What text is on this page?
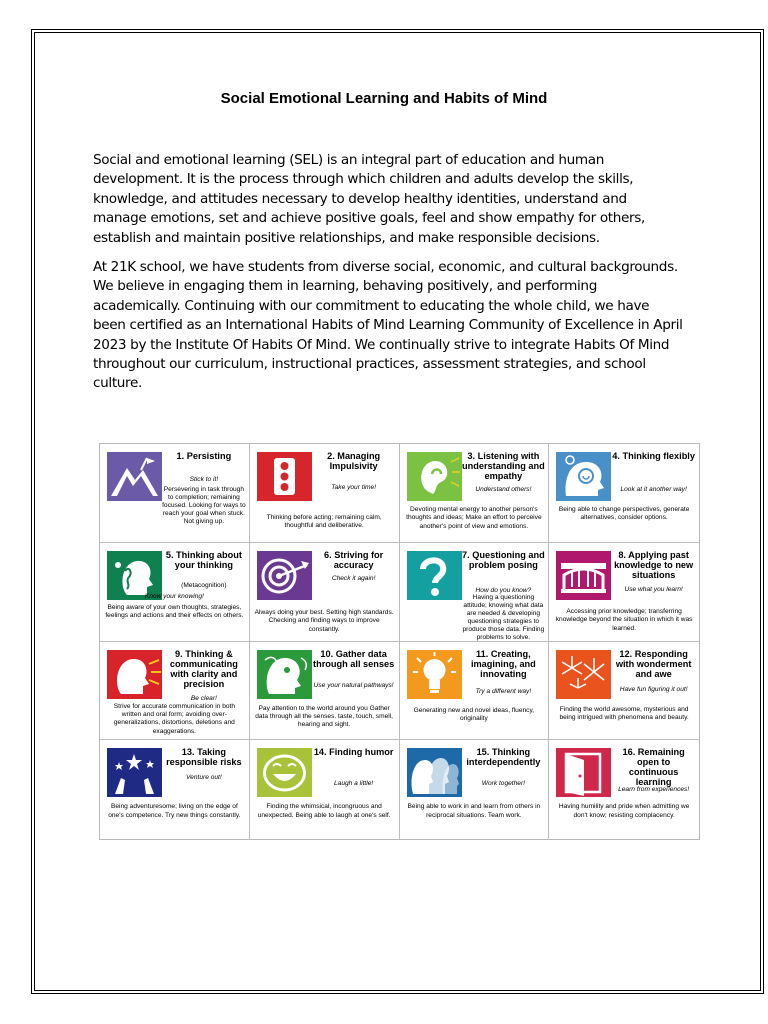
Social Emotional Learning and Habits of Mind
Social and emotional learning (SEL) is an integral part of education and human development. It is the process through which children and adults develop the skills, knowledge, and attitudes necessary to develop healthy identities, understand and manage emotions, set and achieve positive goals, feel and show empathy for others, establish and maintain positive relationships, and make responsible decisions.
At 21K school, we have students from diverse social, economic, and cultural backgrounds. We believe in engaging them in learning, behaving positively, and performing academically. Continuing with our commitment to educating the whole child, we have been certified as an International Habits of Mind Learning Community of Excellence in April 2023 by the Institute Of Habits Of Mind. We continually strive to integrate Habits Of Mind throughout our curriculum, instructional practices, assessment strategies, and school culture.
1. Persisting
Stick to it!
Persevering in task through to completion; remaining focused. Looking for ways to reach your goal when stuck. Not giving up.
2. Managing Impulsivity
Take your time!
Thinking before acting; remaining calm, thoughtful and deliberative.
3. Listening with understanding and empathy
Understand others!
Devoting mental energy to another person's thoughts and ideas; Make an effort to perceive another's point of view and emotions.
4. Thinking flexibly
Look at it another way!
Being able to change perspectives, generate alternatives, consider options.
5. Thinking about your thinking
(Metacognition)
Know your knowing!
Being aware of your own thoughts, strategies, feelings and actions and their effects on others.
6. Striving for accuracy
Check it again!
Always doing your best. Setting high standards. Checking and finding ways to improve constantly.
7. Questioning and problem posing
How do you know?
Having a questioning attitude; knowing what data are needed & developing questioning strategies to produce those data. Finding problems to solve.
8. Applying past knowledge to new situations
Use what you learn!
Accessing prior knowledge; transferring knowledge beyond the situation in which it was learned.
9. Thinking & communicating with clarity and precision
Be clear!
Strive for accurate communication in both written and oral form; avoiding over-generalizations, distortions, deletions and exaggerations.
10. Gather data through all senses
Use your natural pathways!
Pay attention to the world around you Gather data through all the senses. taste, touch, smell, hearing and sight.
11. Creating, imagining, and innovating
Try a different way!
Generating new and novel ideas, fluency, originality
12. Responding with wonderment and awe
Have fun figuring it out!
Finding the world awesome, mysterious and being intrigued with phenomena and beauty.
13. Taking responsible risks
Venture out!
Being adventuresome; living on the edge of one's competence. Try new things constantly.
14. Finding humor
Laugh a little!
Finding the whimsical, incongruous and unexpected. Being able to laugh at one's self.
15. Thinking interdependently
Work together!
Being able to work in and learn from others in reciprocal situations. Team work.
16. Remaining open to continuous learning
Learn from experiences!
Having humility and pride when admitting we don't know; resisting complacency.
